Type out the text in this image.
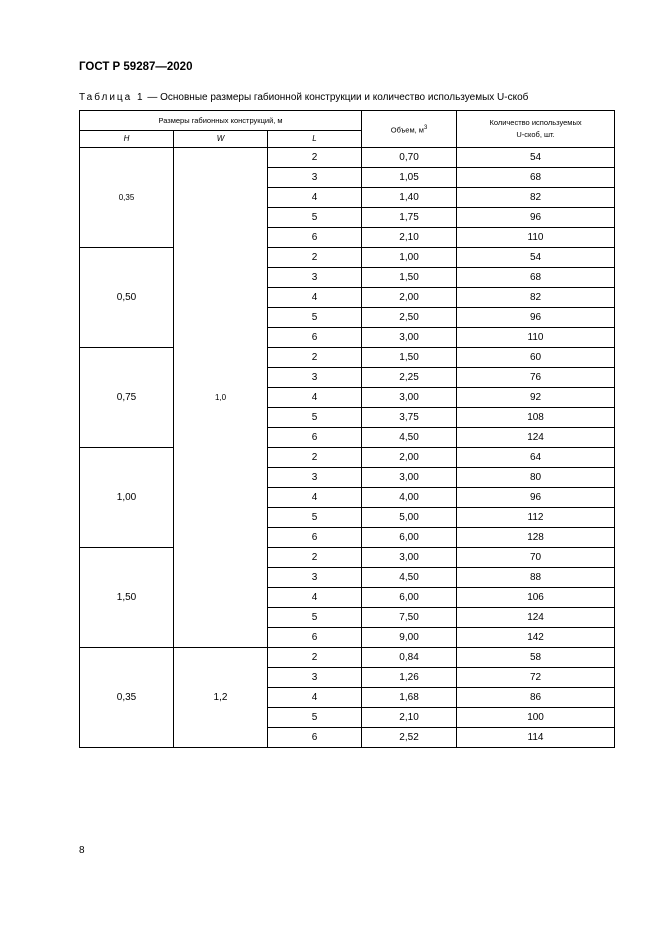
ГОСТ Р 59287—2020
Таблица 1 — Основные размеры габионной конструкции и количество используемых U-скоб
Размеры габионных конструкций, м			Объем, $м^3$	Количество используемых
U-скоб, шт.
H	W	L		
0,35	1,0	2	0,70	54
		3	1,05	68
		4	1,40	82
		5	1,75	96
		6	2,10	110
0,50		2	1,00	54
		3	1,50	68
		4	2,00	82
		5	2,50	96
		6	3,00	110
0,75		2	1,50	60
		3	2,25	76
		4	3,00	92
		5	3,75	108
		6	4,50	124
1,00		2	2,00	64
		3	3,00	80
		4	4,00	96
		5	5,00	112
		6	6,00	128
1,50		2	3,00	70
		3	4,50	88
		4	6,00	106
		5	7,50	124
		6	9,00	142
0,35	1,2	2	0,84	58
		3	1,26	72
		4	1,68	86
		5	2,10	100
		6	2,52	114
8
